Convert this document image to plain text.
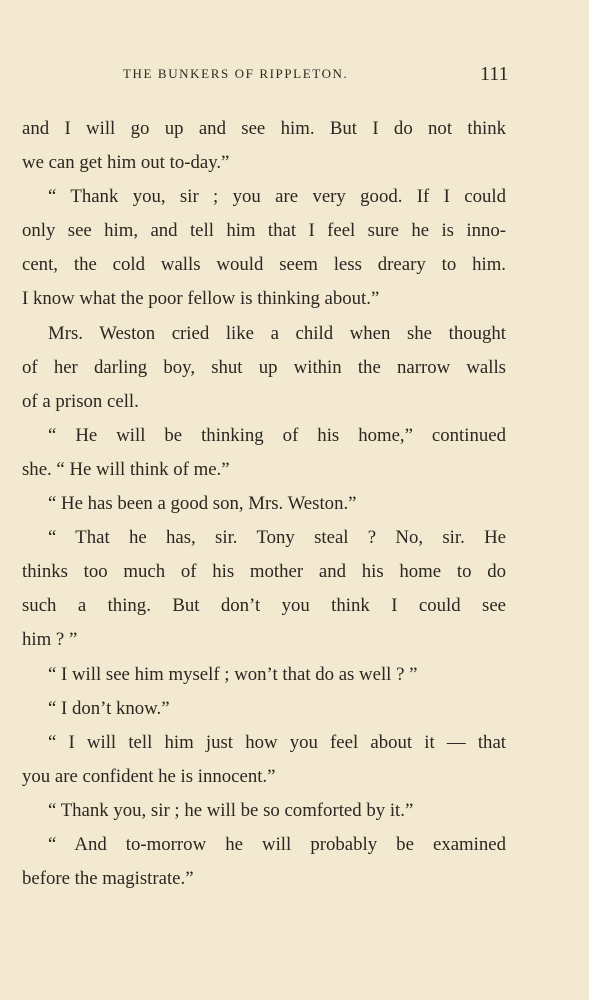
THE BUNKERS OF RIPPLETON.	111
and I will go up and see him. But I do not think
we can get him out to-day.”
“ Thank you, sir ; you are very good. If I could
only see him, and tell him that I feel sure he is inno-
cent, the cold walls would seem less dreary to him.
I know what the poor fellow is thinking about.”
Mrs. Weston cried like a child when she thought
of her darling boy, shut up within the narrow walls
of a prison cell.
“ He will be thinking of his home,” continued
she. “ He will think of me.”
“ He has been a good son, Mrs. Weston.”
“ That he has, sir. Tony steal ? No, sir. He
thinks too much of his mother and his home to do
such a thing. But don’t you think I could see
him ? ”
“ I will see him myself ; won’t that do as well ? ”
“ I don’t know.”
“ I will tell him just how you feel about it — that
you are confident he is innocent.”
“ Thank you, sir ; he will be so comforted by it.”
“ And to-morrow he will probably be examined
before the magistrate.”
